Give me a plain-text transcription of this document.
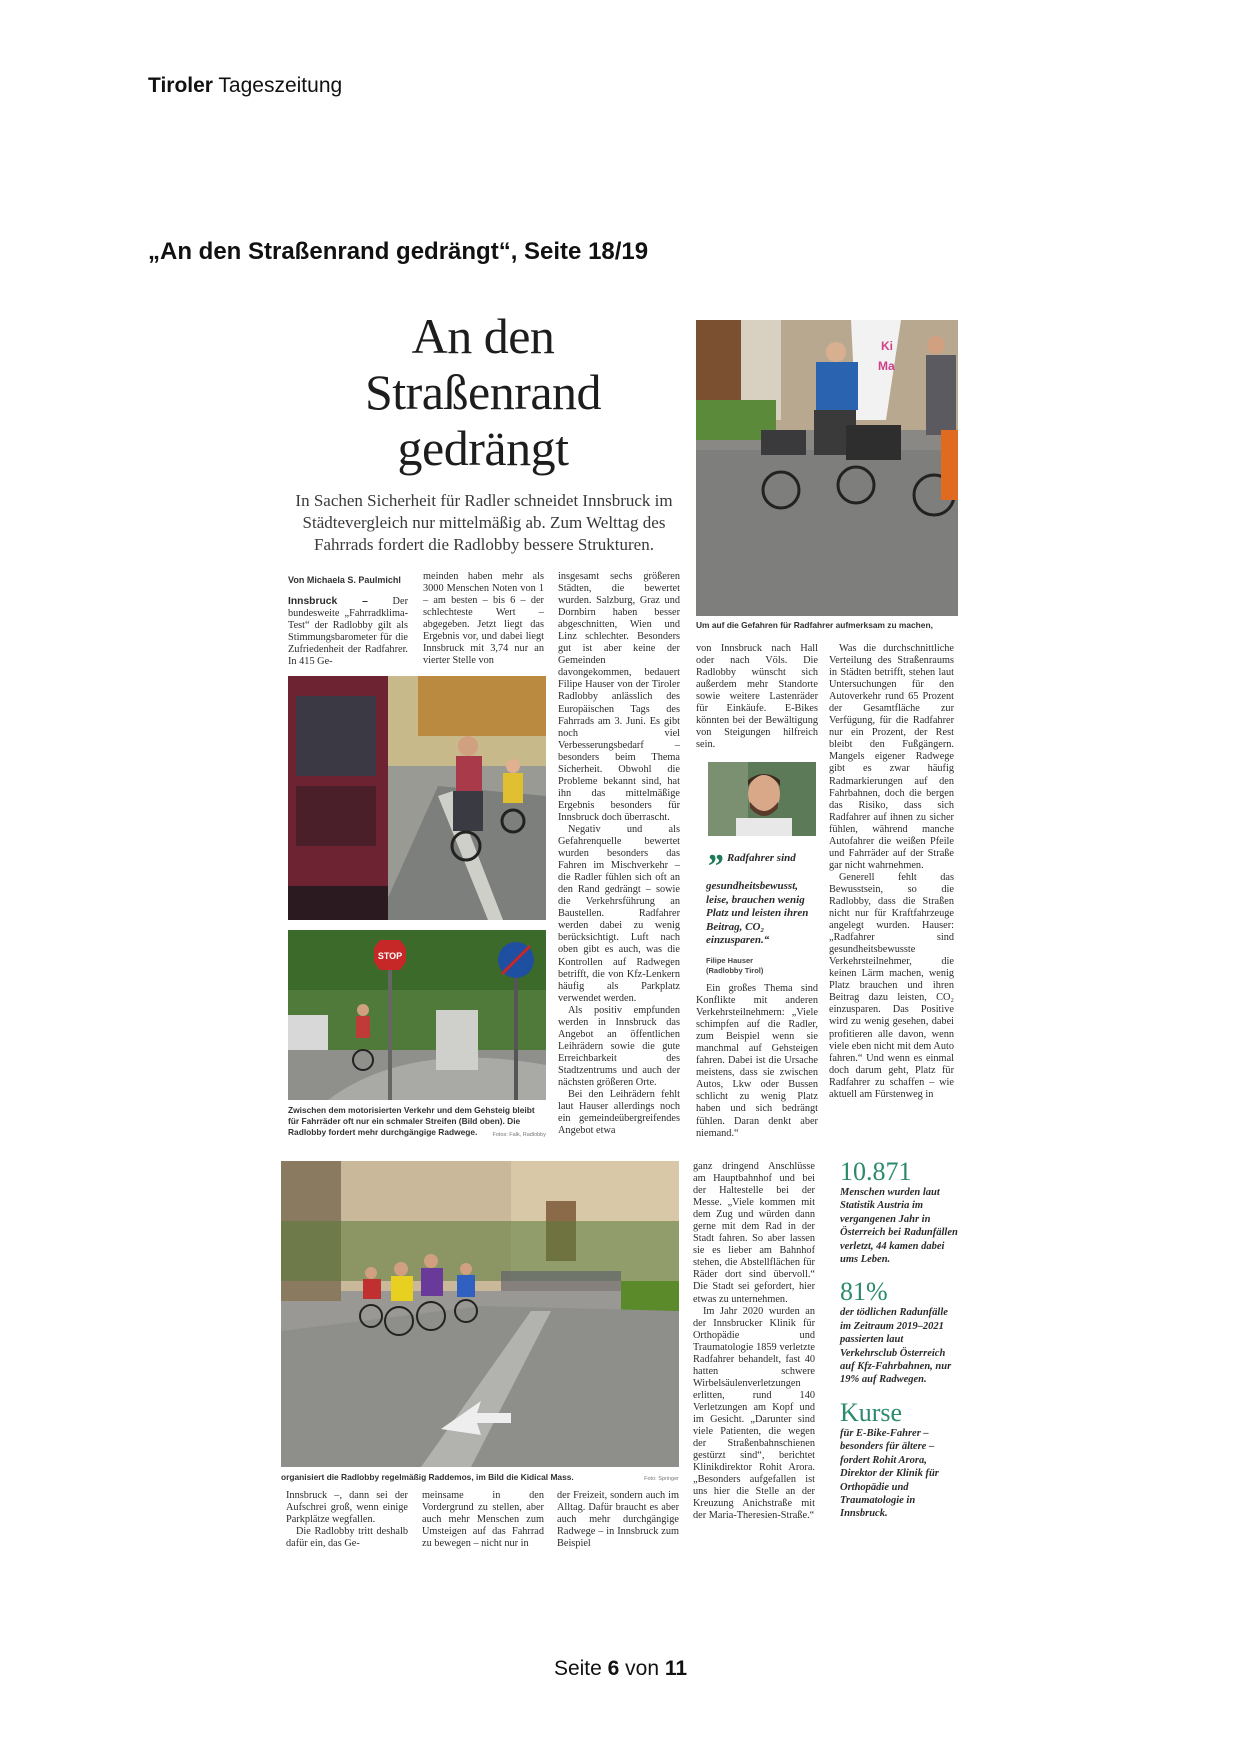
Tiroler Tageszeitung
„An den Straßenrand gedrängt“, Seite 18/19
An den
Straßenrand
gedrängt
In Sachen Sicherheit für Radler schneidet Innsbruck im Städtevergleich nur mittelmäßig ab. Zum Welttag des Fahrrads fordert die Radlobby bessere Strukturen.
Von Michaela S. Paulmichl

Innsbruck – Der bundesweite „Fahrradklima-Test“ der Radlobby gilt als Stimmungsbarometer für die Zufriedenheit der Radfahrer. In 415 Ge-

meinden haben mehr als 3000 Menschen Noten von 1 – am besten – bis 6 – der schlechteste Wert – abgegeben. Jetzt liegt das Ergebnis vor, und dabei liegt Innsbruck mit 3,74 nur an vierter Stelle von

STOP
Zwischen dem motorisierten Verkehr und dem Gehsteig bleibt für Fahrräder oft nur ein schmaler Streifen (Bild oben). Die Radlobby fordert mehr durchgängige Radwege.	Fotos: Falk, Radlobby

insgesamt sechs größeren Städten, die bewertet wurden. Salzburg, Graz und Dornbirn haben besser abgeschnitten, Wien und Linz schlechter. Besonders gut ist aber keine der Gemeinden davongekommen, bedauert Filipe Hauser von der Tiroler Radlobby anlässlich des Europäischen Tags des Fahrrads am 3. Juni. Es gibt noch viel Verbesserungsbedarf – besonders beim Thema Sicherheit. Obwohl die Probleme bekannt sind, hat ihn das mittelmäßige Ergebnis besonders für Innsbruck doch überrascht.

Negativ und als Gefahrenquelle bewertet wurden besonders das Fahren im Mischverkehr – die Radler fühlen sich oft an den Rand gedrängt – sowie die Verkehrsführung an Baustellen. Radfahrer werden dabei zu wenig berücksichtigt. Luft nach oben gibt es auch, was die Kontrollen auf Radwegen betrifft, die von Kfz-Lenkern häufig als Parkplatz verwendet werden.

Als positiv empfunden werden in Innsbruck das Angebot an öffentlichen Leihrädern sowie die gute Erreichbarkeit des Stadtzentrums und auch der nächsten größeren Orte.

Bei den Leihrädern fehlt laut Hauser allerdings noch ein gemeindeübergreifendes Angebot etwa

Ki
Ma
Um auf die Gefahren für Radfahrer aufmerksam zu machen,

von Innsbruck nach Hall oder nach Völs. Die Radlobby wünscht sich außerdem mehr Standorte sowie weitere Lastenräder für Einkäufe. E-Bikes könnten bei der Bewältigung von Steigungen hilfreich sein.

” Radfahrer sind gesundheitsbewusst, leise, brauchen wenig Platz und leisten ihren Beitrag, CO₂ einzusparen.“
Filipe Hauser
(Radlobby Tirol)

Ein großes Thema sind Konflikte mit anderen Verkehrsteilnehmern: „Viele schimpfen auf die Radler, zum Beispiel wenn sie manchmal auf Gehsteigen fahren. Dabei ist die Ursache meistens, dass sie zwischen Autos, Lkw oder Bussen schlicht zu wenig Platz haben und sich bedrängt fühlen. Daran denkt aber niemand.“

Was die durchschnittliche Verteilung des Straßenraums in Städten betrifft, stehen laut Untersuchungen für den Autoverkehr rund 65 Prozent der Gesamtfläche zur Verfügung, für die Radfahrer nur ein Prozent, der Rest bleibt den Fußgängern. Mangels eigener Radwege gibt es zwar häufig Radmarkierungen auf den Fahrbahnen, doch die bergen das Risiko, dass sich Radfahrer auf ihnen zu sicher fühlen, während manche Autofahrer die weißen Pfeile und Fahrräder auf der Straße gar nicht wahrnehmen.

Generell fehlt das Bewusstsein, so die Radlobby, dass die Straßen nicht nur für Kraftfahrzeuge angelegt wurden. Hauser: „Radfahrer sind gesundheitsbewusste Verkehrsteilnehmer, die keinen Lärm machen, wenig Platz brauchen und ihren Beitrag dazu leisten, CO₂ einzusparen. Das Positive wird zu wenig gesehen, dabei profitieren alle davon, wenn viele eben nicht mit dem Auto fahren.“ Und wenn es einmal doch darum geht, Platz für Radfahrer zu schaffen – wie aktuell am Fürstenweg in

organisiert die Radlobby regelmäßig Raddemos, im Bild die Kidical Mass.	Foto: Springer

Innsbruck –, dann sei der Aufschrei groß, wenn einige Parkplätze wegfallen.

Die Radlobby tritt deshalb dafür ein, das Ge-

meinsame in den Vordergrund zu stellen, aber auch mehr Menschen zum Umsteigen auf das Fahrrad zu bewegen – nicht nur in

der Freizeit, sondern auch im Alltag. Dafür braucht es aber auch mehr durchgängige Radwege – in Innsbruck zum Beispiel

ganz dringend Anschlüsse am Hauptbahnhof und bei der Haltestelle bei der Messe. „Viele kommen mit dem Zug und würden dann gerne mit dem Rad in der Stadt fahren. So aber lassen sie es lieber am Bahnhof stehen, die Abstellflächen für Räder dort sind übervoll.“ Die Stadt sei gefordert, hier etwas zu unternehmen.

Im Jahr 2020 wurden an der Innsbrucker Klinik für Orthopädie und Traumatologie 1859 verletzte Radfahrer behandelt, fast 40 hatten schwere Wirbelsäulenverletzungen erlitten, rund 140 Verletzungen am Kopf und im Gesicht. „Darunter sind viele Patienten, die wegen der Straßenbahnschienen gestürzt sind“, berichtet Klinikdirektor Rohit Arora. „Besonders aufgefallen ist uns hier die Stelle an der Kreuzung Anichstraße mit der Maria-Theresien-Straße.“

10.871
Menschen wurden laut Statistik Austria im vergangenen Jahr in Österreich bei Radunfällen verletzt, 44 kamen dabei ums Leben.
81%
der tödlichen Radunfälle im Zeitraum 2019–2021 passierten laut Verkehrsclub Österreich auf Kfz-Fahrbahnen, nur 19% auf Radwegen.
Kurse
für E-Bike-Fahrer – besonders für ältere – fordert Rohit Arora, Direktor der Klinik für Orthopädie und Traumatologie in Innsbruck.
Seite 6 von 11
